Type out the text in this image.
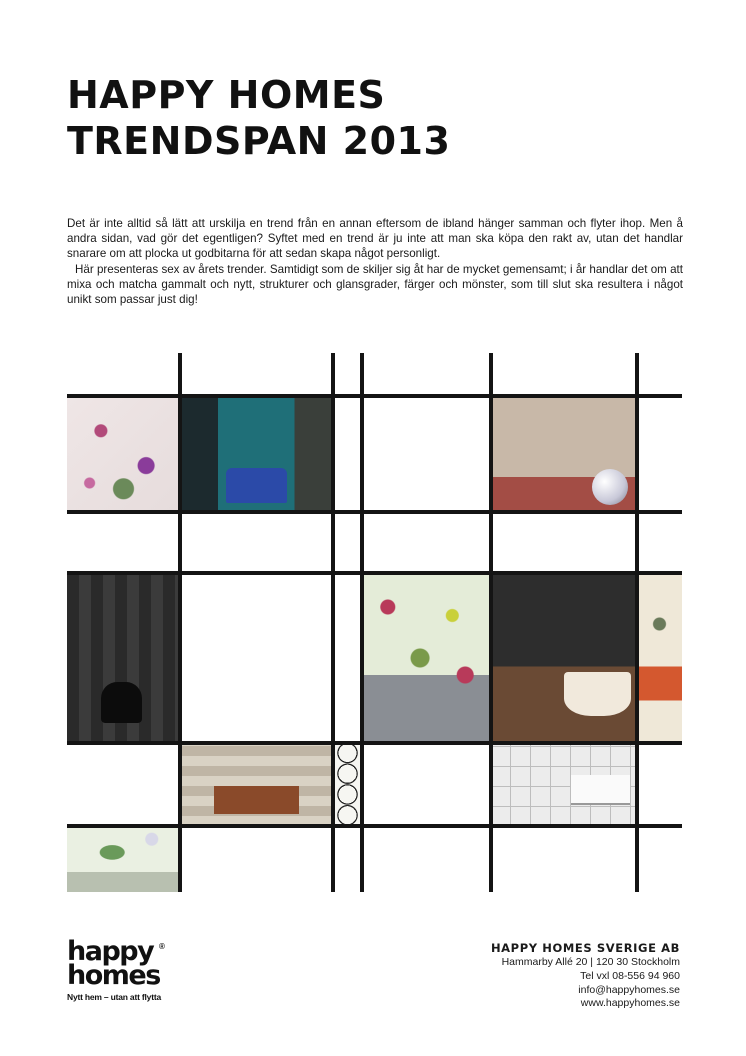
HAPPY HOMES
TRENDSPAN 2013

Det är inte alltid så lätt att urskilja en trend från en annan eftersom de ibland hänger samman och flyter ihop. Men å andra sidan, vad gör det egentligen? Syftet med en trend är ju inte att man ska köpa den rakt av, utan det handlar snarare om att plocka ut godbitarna för att sedan skapa något personligt.

Här presenteras sex av årets trender. Samtidigt som de skiljer sig åt har de mycket gemensamt; i år handlar det om att mixa och matcha gammalt och nytt, strukturer och glansgrader, färger och mönster, som till slut ska resultera i något unikt som passar just dig!

happy
homes
®
Nytt hem – utan att flytta
HAPPY HOMES SVERIGE AB
Hammarby Allé 20 | 120 30 Stockholm
Tel vxl 08-556 94 960
info@happyhomes.se
www.happyhomes.se
